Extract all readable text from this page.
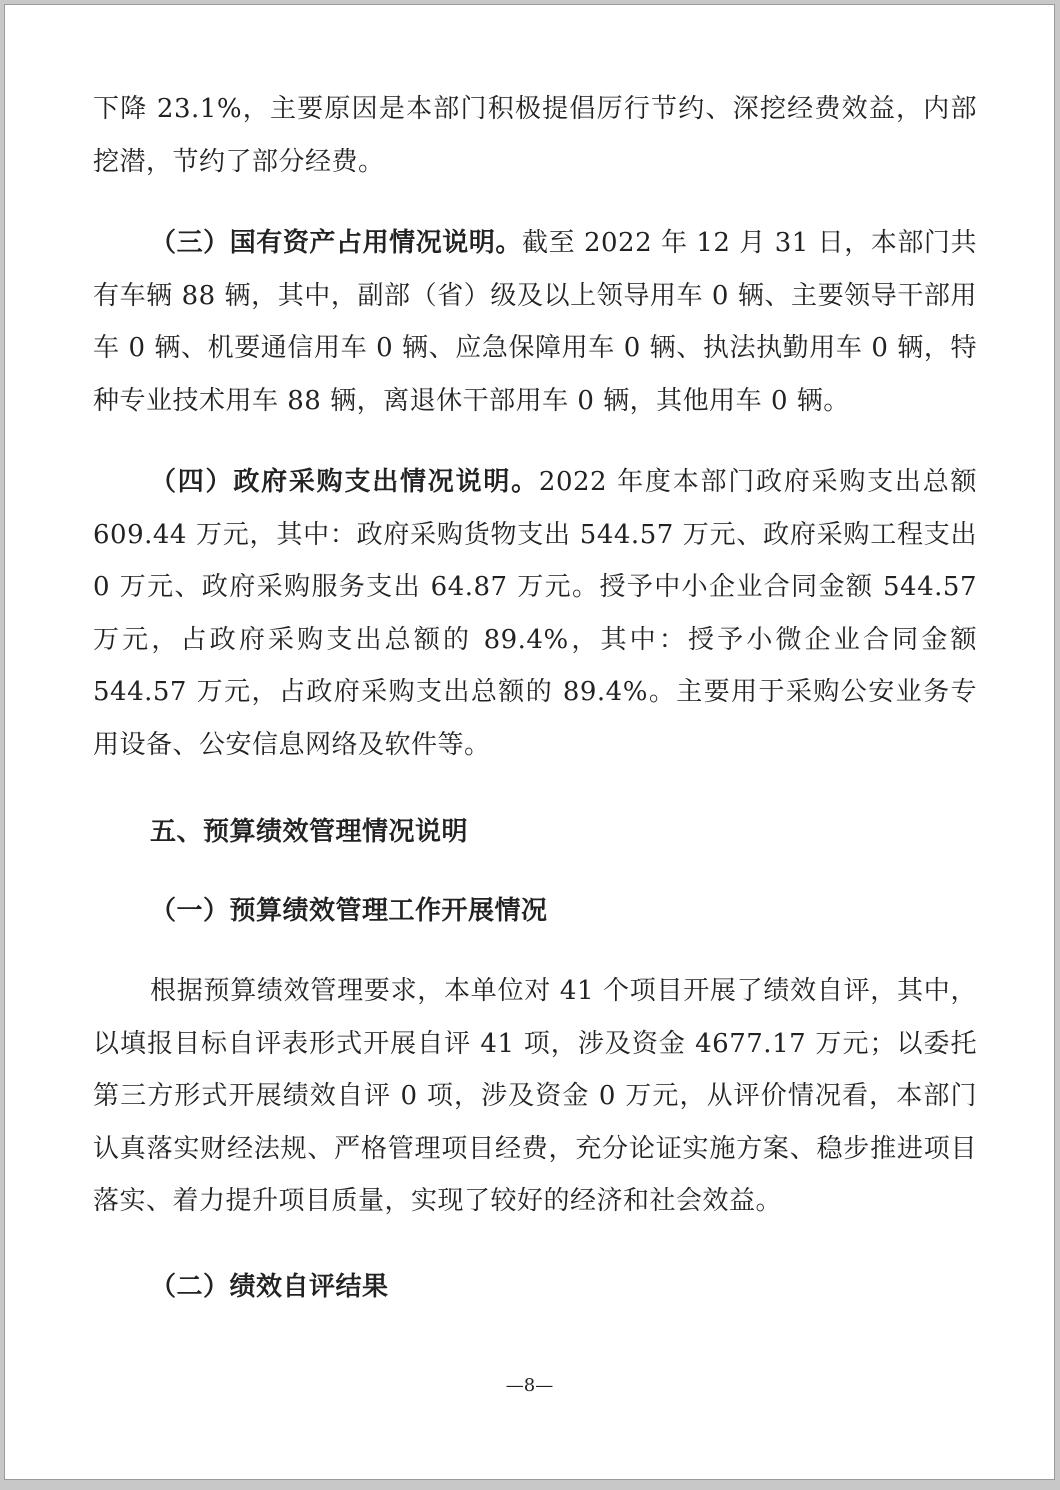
下降 23.1%，主要原因是本部门积极提倡厉行节约、深挖经费效益，内部挖潜，节约了部分经费。

（三）国有资产占用情况说明。截至 2022 年 12 月 31 日，本部门共有车辆 88 辆，其中，副部（省）级及以上领导用车 0 辆、主要领导干部用车 0 辆、机要通信用车 0 辆、应急保障用车 0 辆、执法执勤用车 0 辆，特种专业技术用车 88 辆，离退休干部用车 0 辆，其他用车 0 辆。

（四）政府采购支出情况说明。2022 年度本部门政府采购支出总额 609.44 万元，其中：政府采购货物支出 544.57 万元、政府采购工程支出 0 万元、政府采购服务支出 64.87 万元。授予中小企业合同金额 544.57 万元，占政府采购支出总额的 89.4%，其中：授予小微企业合同金额 544.57 万元，占政府采购支出总额的 89.4%。主要用于采购公安业务专用设备、公安信息网络及软件等。

五、预算绩效管理情况说明

（一）预算绩效管理工作开展情况

根据预算绩效管理要求，本单位对 41 个项目开展了绩效自评，其中，以填报目标自评表形式开展自评 41 项，涉及资金 4677.17 万元；以委托第三方形式开展绩效自评 0 项，涉及资金 0 万元，从评价情况看，本部门认真落实财经法规、严格管理项目经费，充分论证实施方案、稳步推进项目落实、着力提升项目质量，实现了较好的经济和社会效益。

（二）绩效自评结果

—8—
